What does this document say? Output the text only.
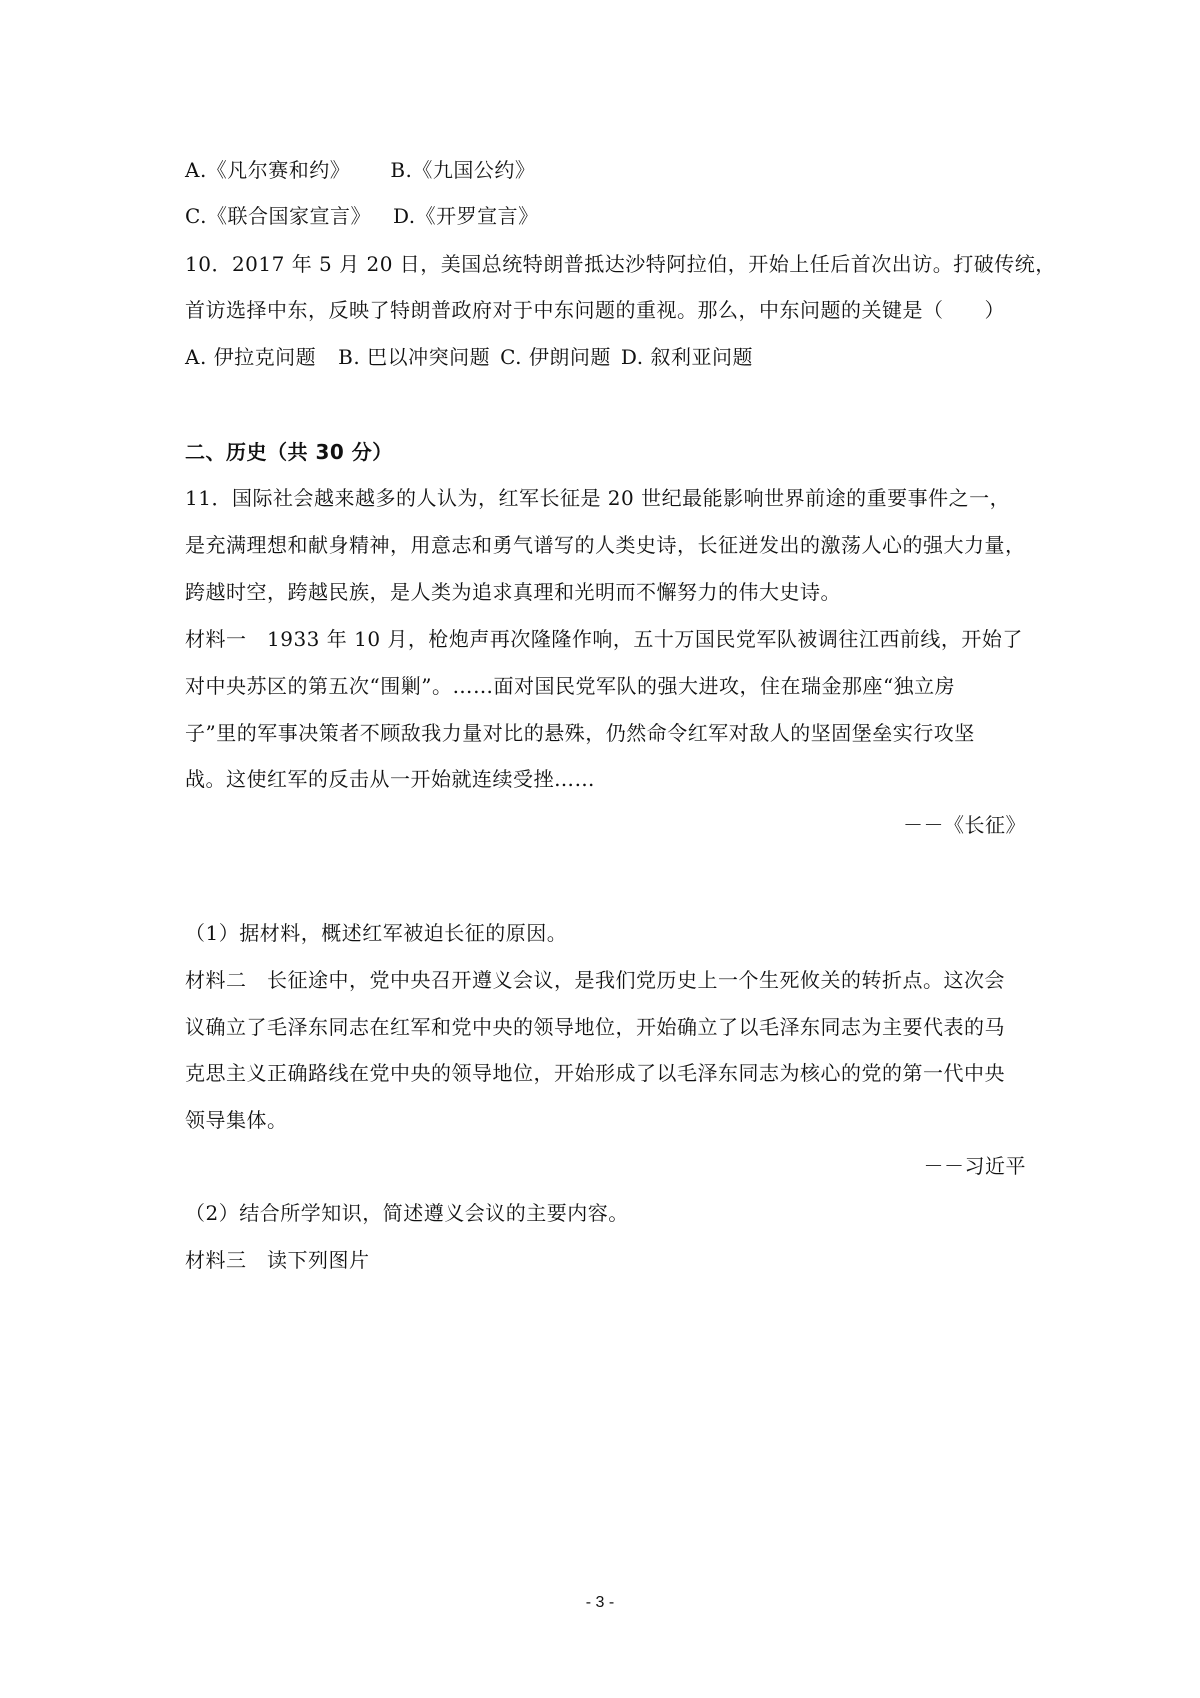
A.《凡尔赛和约》 B.《九国公约》
C.《联合国家宣言》 D.《开罗宣言》
10．2017 年 5 月 20 日，美国总统特朗普抵达沙特阿拉伯，开始上任后首次出访。打破传统，
首访选择中东，反映了特朗普政府对于中东问题的重视。那么，中东问题的关键是（　　）
A. 伊拉克问题 B. 巴以冲突问题 C. 伊朗问题 D. 叙利亚问题
二、历史（共 30 分）
11．国际社会越来越多的人认为，红军长征是 20 世纪最能影响世界前途的重要事件之一，
是充满理想和献身精神，用意志和勇气谱写的人类史诗，长征迸发出的激荡人心的强大力量，
跨越时空，跨越民族，是人类为追求真理和光明而不懈努力的伟大史诗。
材料一　1933 年 10 月，枪炮声再次隆隆作响，五十万国民党军队被调往江西前线，开始了
对中央苏区的第五次“围剿”。……面对国民党军队的强大进攻，住在瑞金那座“独立房
子”里的军事决策者不顾敌我力量对比的悬殊，仍然命令红军对敌人的坚固堡垒实行攻坚
战。这使红军的反击从一开始就连续受挫……
－－《长征》
（1）据材料，概述红军被迫长征的原因。
材料二　长征途中，党中央召开遵义会议，是我们党历史上一个生死攸关的转折点。这次会
议确立了毛泽东同志在红军和党中央的领导地位，开始确立了以毛泽东同志为主要代表的马
克思主义正确路线在党中央的领导地位，开始形成了以毛泽东同志为核心的党的第一代中央
领导集体。
－－习近平
（2）结合所学知识，简述遵义会议的主要内容。
材料三　读下列图片
- 3 -
